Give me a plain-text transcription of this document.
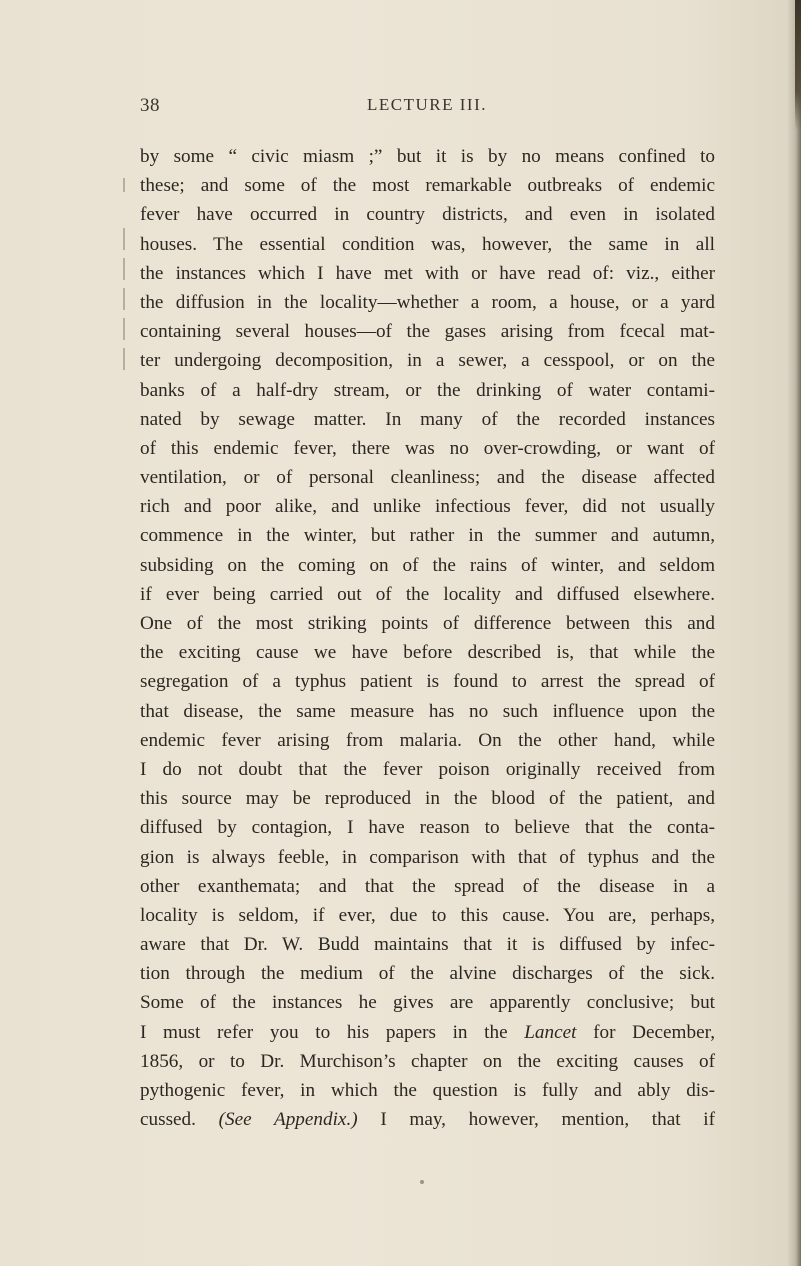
38	LECTURE III.
by some “ civic miasm ;” but it is by no means confined to
these; and some of the most remarkable outbreaks of endemic
fever have occurred in country districts, and even in isolated
houses. The essential condition was, however, the same in all
the instances which I have met with or have read of: viz., either
the diffusion in the locality—whether a room, a house, or a yard
containing several houses—of the gases arising from fcecal mat-
ter undergoing decomposition, in a sewer, a cesspool, or on the
banks of a half-dry stream, or the drinking of water contami-
nated by sewage matter. In many of the recorded instances
of this endemic fever, there was no over-crowding, or want of
ventilation, or of personal cleanliness; and the disease affected
rich and poor alike, and unlike infectious fever, did not usually
commence in the winter, but rather in the summer and autumn,
subsiding on the coming on of the rains of winter, and seldom
if ever being carried out of the locality and diffused elsewhere.
One of the most striking points of difference between this and
the exciting cause we have before described is, that while the
segregation of a typhus patient is found to arrest the spread of
that disease, the same measure has no such influence upon the
endemic fever arising from malaria. On the other hand, while
I do not doubt that the fever poison originally received from
this source may be reproduced in the blood of the patient, and
diffused by contagion, I have reason to believe that the conta-
gion is always feeble, in comparison with that of typhus and the
other exanthemata; and that the spread of the disease in a
locality is seldom, if ever, due to this cause. You are, perhaps,
aware that Dr. W. Budd maintains that it is diffused by infec-
tion through the medium of the alvine discharges of the sick.
Some of the instances he gives are apparently conclusive; but
I must refer you to his papers in the Lancet for December,
1856, or to Dr. Murchison’s chapter on the exciting causes of
pythogenic fever, in which the question is fully and ably dis-
cussed. (See Appendix.) I may, however, mention, that if
